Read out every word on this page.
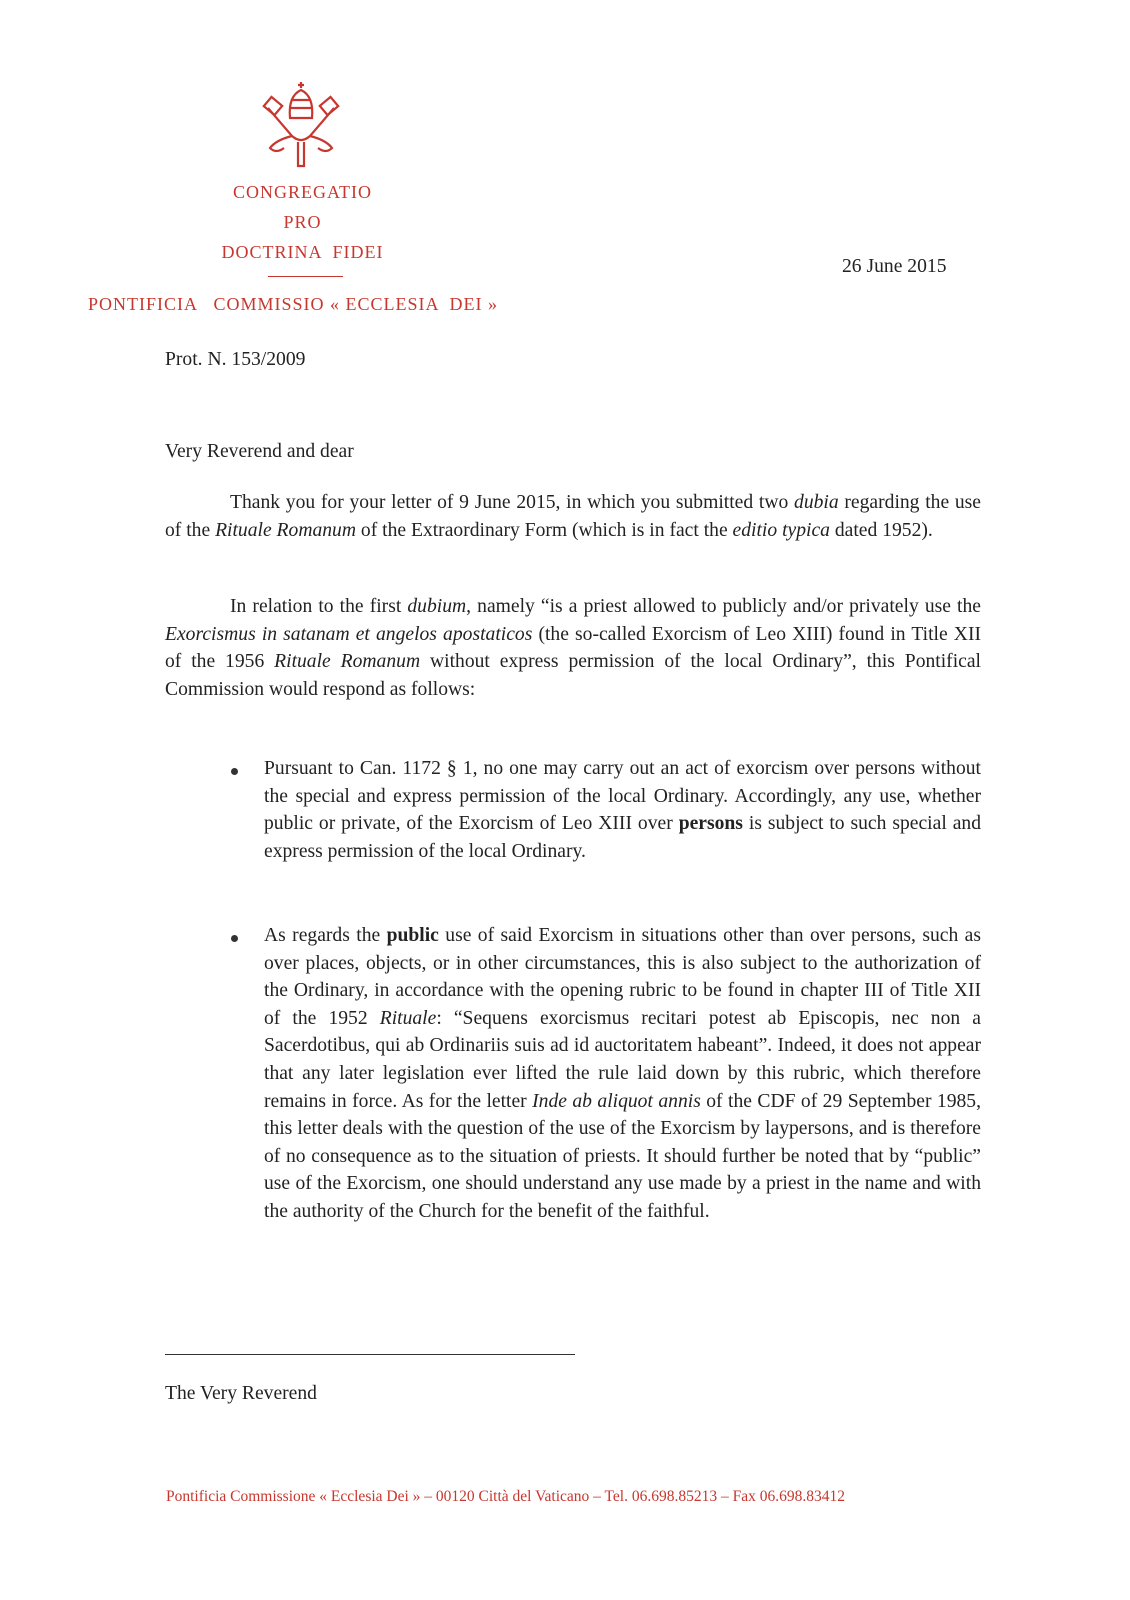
CONGREGATIO
PRO
DOCTRINA  FIDEI
PONTIFICIA   COMMISSIO « ECCLESIA  DEI »
26 June 2015
Prot. N. 153/2009
Very Reverend and dear
Thank you for your letter of 9 June 2015, in which you submitted two dubia regarding the use of the Rituale Romanum of the Extraordinary Form (which is in fact the editio typica dated 1952).
In relation to the first dubium, namely “is a priest allowed to publicly and/or privately use the Exorcismus in satanam et angelos apostaticos (the so-called Exorcism of Leo XIII) found in Title XII of the 1956 Rituale Romanum without express permission of the local Ordinary”, this Pontifical Commission would respond as follows:
Pursuant to Can. 1172 § 1, no one may carry out an act of exorcism over persons without the special and express permission of the local Ordinary. Accordingly, any use, whether public or private, of the Exorcism of Leo XIII over persons is subject to such special and express permission of the local Ordinary.
As regards the public use of said Exorcism in situations other than over persons, such as over places, objects, or in other circumstances, this is also subject to the authorization of the Ordinary, in accordance with the opening rubric to be found in chapter III of Title XII of the 1952 Rituale: “Sequens exorcismus recitari potest ab Episcopis, nec non a Sacerdotibus, qui ab Ordinariis suis ad id auctoritatem habeant”. Indeed, it does not appear that any later legislation ever lifted the rule laid down by this rubric, which therefore remains in force. As for the letter Inde ab aliquot annis of the CDF of 29 September 1985, this letter deals with the question of the use of the Exorcism by laypersons, and is therefore of no consequence as to the situation of priests. It should further be noted that by “public” use of the Exorcism, one should understand any use made by a priest in the name and with the authority of the Church for the benefit of the faithful.
The Very Reverend
Pontificia Commissione « Ecclesia Dei » – 00120 Città del Vaticano – Tel. 06.698.85213 – Fax 06.698.83412
